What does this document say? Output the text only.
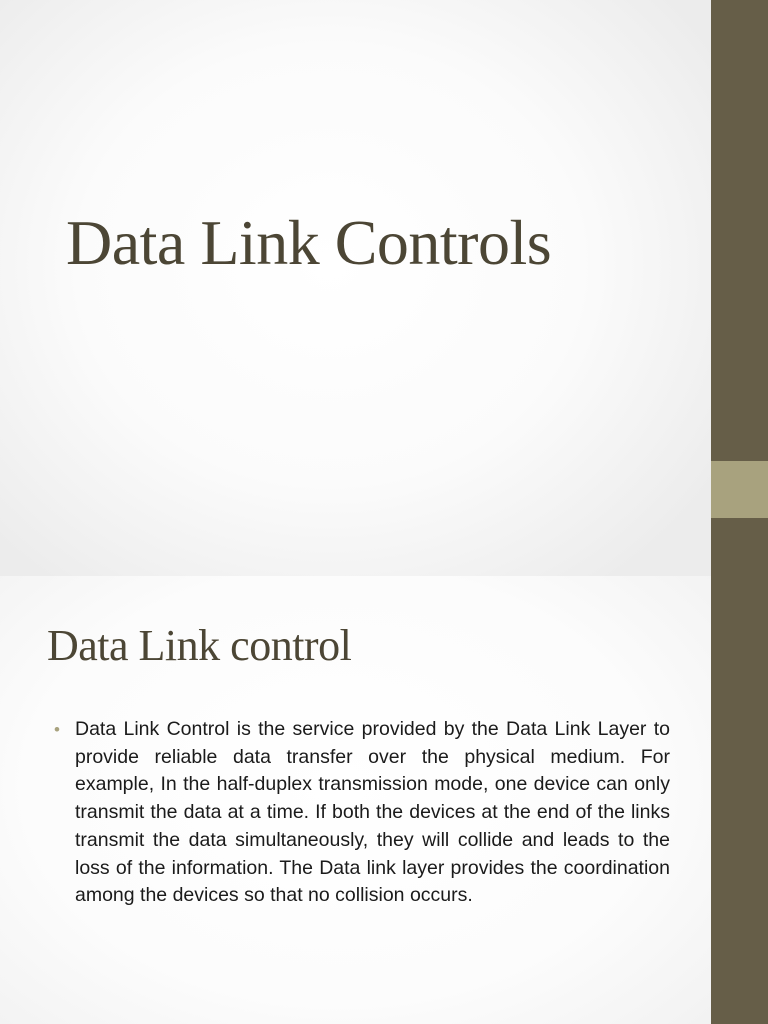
Data Link Controls
Data Link control
• Data Link Control is the service provided by the Data Link Layer to provide reliable data transfer over the physical medium. For example, In the half-duplex transmission mode, one device can only transmit the data at a time. If both the devices at the end of the links transmit the data simultaneously, they will collide and leads to the loss of the information. The Data link layer provides the coordination among the devices so that no collision occurs.
